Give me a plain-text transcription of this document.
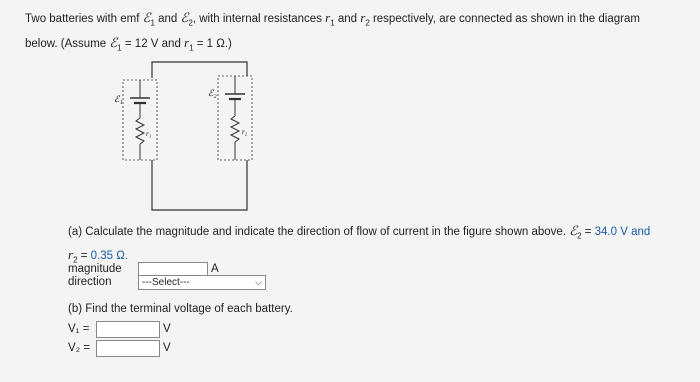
Two batteries with emf ℰ$_1$ and ℰ$_2$, with internal resistances $r_1$ and $r_2$ respectively, are connected as shown in the diagram
below. (Assume ℰ$_1$ = 12 V and $r_1 = 1$ Ω.)
ℰ₁
r₁
ℰ₂
r₂
(a) Calculate the magnitude and indicate the direction of flow of current in the figure shown above. ℰ$_2$ = 34.0 V and
$r_2 = 0.35$ Ω.
magnitude	A
direction	---Select---	⌵
(b) Find the terminal voltage of each battery.
V₁ =	V
V₂ =	V
